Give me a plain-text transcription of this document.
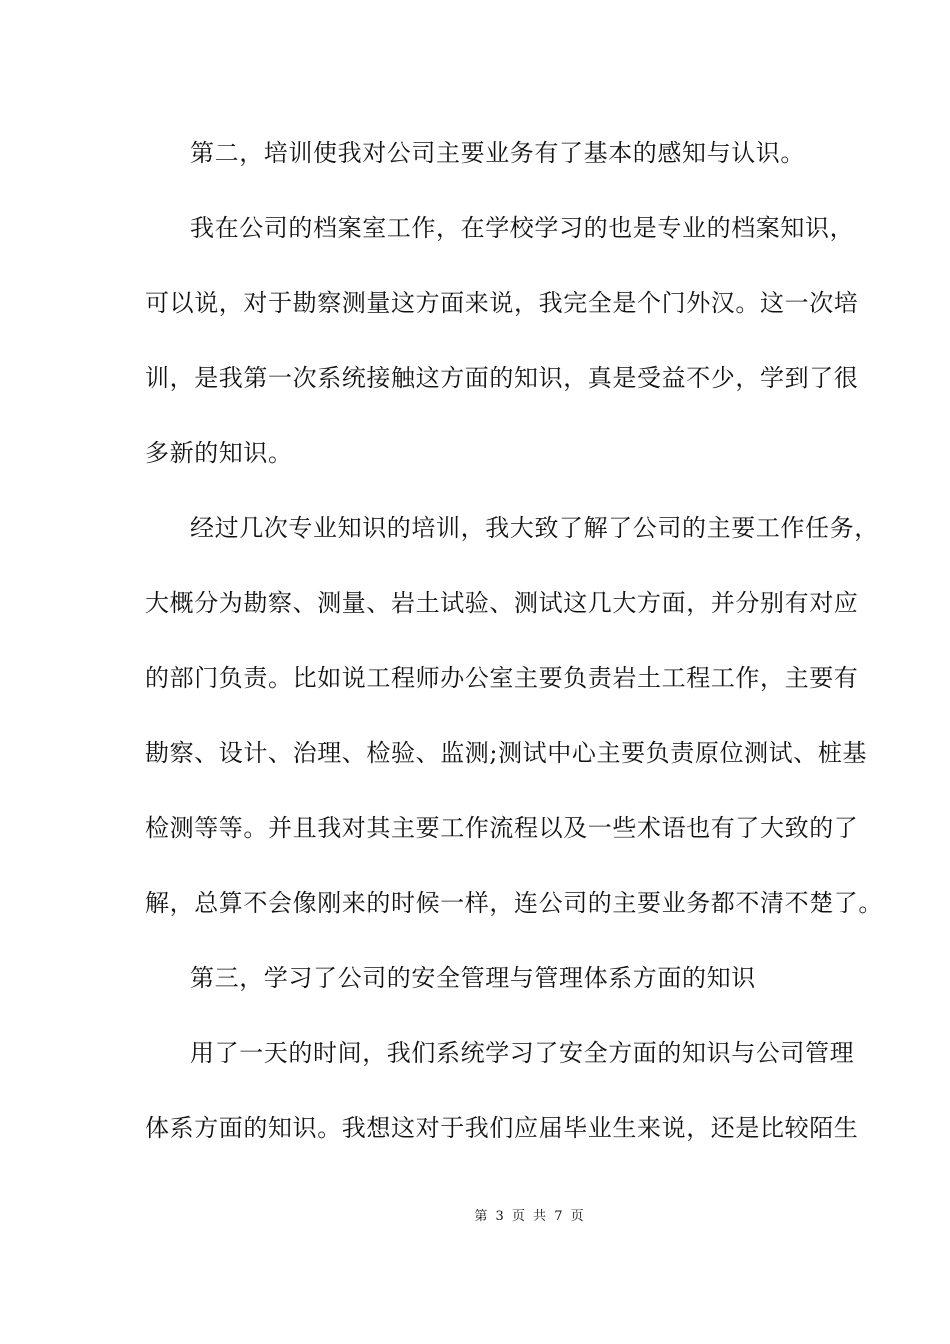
第二，培训使我对公司主要业务有了基本的感知与认识。
我在公司的档案室工作，在学校学习的也是专业的档案知识，
可以说，对于勘察测量这方面来说，我完全是个门外汉。这一次培
训，是我第一次系统接触这方面的知识，真是受益不少，学到了很
多新的知识。
经过几次专业知识的培训，我大致了解了公司的主要工作任务，
大概分为勘察、测量、岩土试验、测试这几大方面，并分别有对应
的部门负责。比如说工程师办公室主要负责岩土工程工作，主要有
勘察、设计、治理、检验、监测;测试中心主要负责原位测试、桩基
检测等等。并且我对其主要工作流程以及一些术语也有了大致的了
解，总算不会像刚来的时候一样，连公司的主要业务都不清不楚了。
第三，学习了公司的安全管理与管理体系方面的知识
用了一天的时间，我们系统学习了安全方面的知识与公司管理
体系方面的知识。我想这对于我们应届毕业生来说，还是比较陌生
第 3 页 共 7 页
